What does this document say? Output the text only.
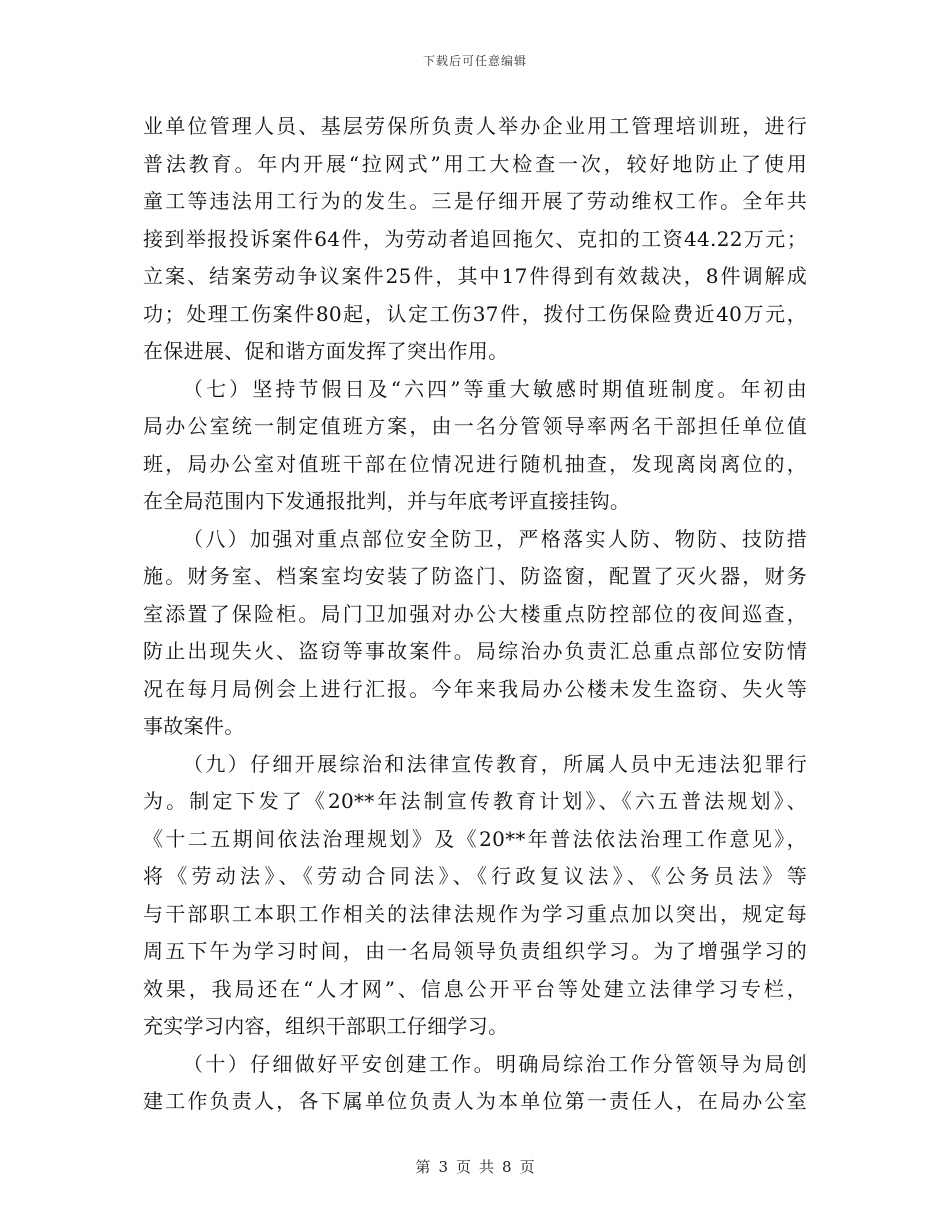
下载后可任意编辑
业单位管理人员、基层劳保所负责人举办企业用工管理培训班，进行
普法教育。年内开展“拉网式”用工大检查一次，较好地防止了使用
童工等违法用工行为的发生。三是仔细开展了劳动维权工作。全年共
接到举报投诉案件64件，为劳动者追回拖欠、克扣的工资44.22万元；
立案、结案劳动争议案件25件，其中17件得到有效裁决，8件调解成
功；处理工伤案件80起，认定工伤37件，拨付工伤保险费近40万元，
在保进展、促和谐方面发挥了突出作用。
（七）坚持节假日及“六四”等重大敏感时期值班制度。年初由
局办公室统一制定值班方案，由一名分管领导率两名干部担任单位值
班，局办公室对值班干部在位情况进行随机抽查，发现离岗离位的，
在全局范围内下发通报批判，并与年底考评直接挂钩。
（八）加强对重点部位安全防卫，严格落实人防、物防、技防措
施。财务室、档案室均安装了防盗门、防盗窗，配置了灭火器，财务
室添置了保险柜。局门卫加强对办公大楼重点防控部位的夜间巡查，
防止出现失火、盗窃等事故案件。局综治办负责汇总重点部位安防情
况在每月局例会上进行汇报。今年来我局办公楼未发生盗窃、失火等
事故案件。
（九）仔细开展综治和法律宣传教育，所属人员中无违法犯罪行
为。制定下发了《20**年法制宣传教育计划》、《六五普法规划》、
《十二五期间依法治理规划》及《20**年普法依法治理工作意见》，
将《劳动法》、《劳动合同法》、《行政复议法》、《公务员法》等
与干部职工本职工作相关的法律法规作为学习重点加以突出，规定每
周五下午为学习时间，由一名局领导负责组织学习。为了增强学习的
效果，我局还在“人才网”、信息公开平台等处建立法律学习专栏，
充实学习内容，组织干部职工仔细学习。
（十）仔细做好平安创建工作。明确局综治工作分管领导为局创
建工作负责人，各下属单位负责人为本单位第一责任人，在局办公室
第 3 页 共 8 页
